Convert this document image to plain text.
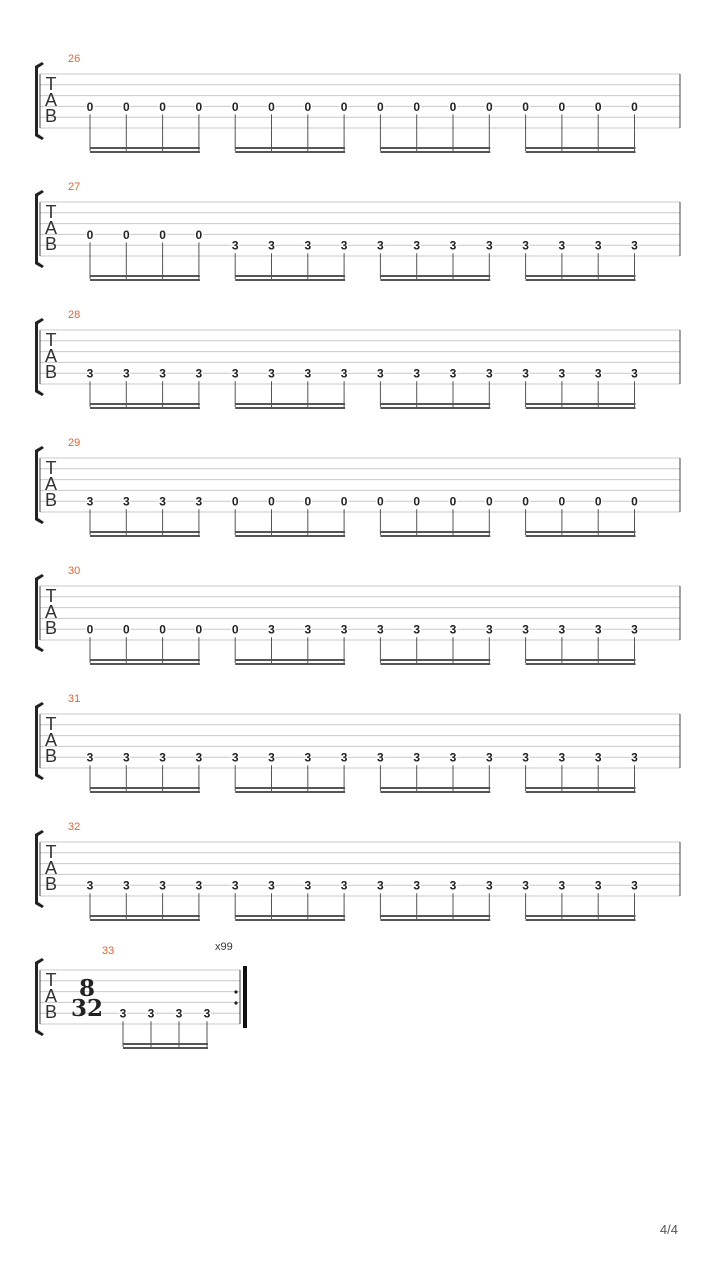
26
T
A
B 0 0 0 0 0 0 0 0 0 0 0 0 0 0 0 0
27
T
A
B 0 0 0 0
3 3 3 3 3 3 3 3 3 3 3 3
28
T
A
B 3 3 3 3 3 3 3 3 3 3 3 3 3 3 3 3
29
T
A
B 3 3 3 3 0 0 0 0 0 0 0 0 0 0 0 0
30
T
A
B 0 0 0 0 0 3 3 3 3 3 3 3 3 3 3 3
31
T
A
B 3 3 3 3 3 3 3 3 3 3 3 3 3 3 3 3
32
T
A
B 3 3 3 3 3 3 3 3 3 3 3 3 3 3 3 3
T
A
B
33
8
32
x99
3 3 3 3
4/4
